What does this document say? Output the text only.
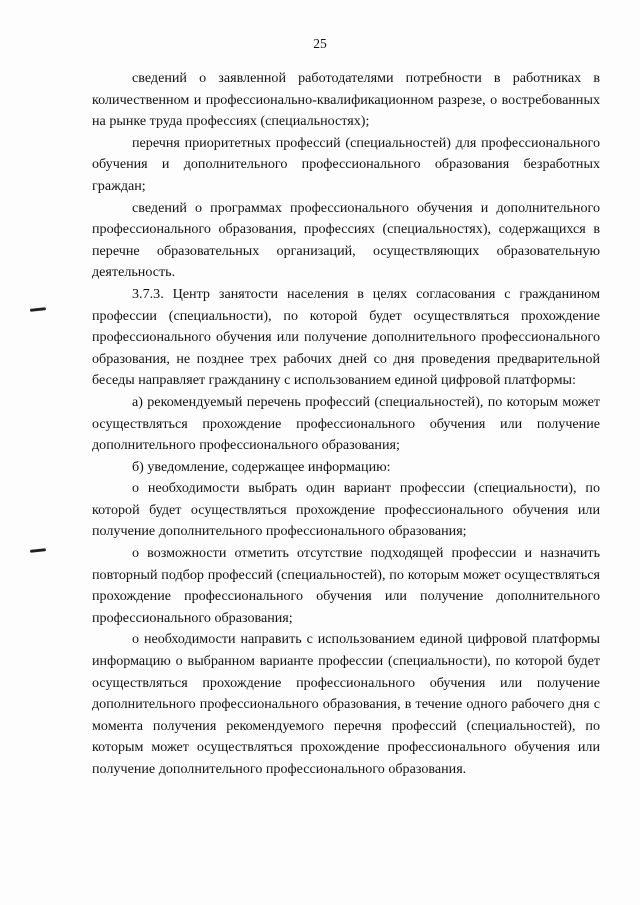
25

сведений о заявленной работодателями потребности в работниках в количественном и профессионально-квалификационном разрезе, о востребованных на рынке труда профессиях (специальностях);

перечня приоритетных профессий (специальностей) для профессионального обучения и дополнительного профессионального образования безработных граждан;

сведений о программах профессионального обучения и дополнительного профессионального образования, профессиях (специальностях), содержащихся в перечне образовательных организаций, осуществляющих образовательную деятельность.

3.7.3. Центр занятости населения в целях согласования с гражданином профессии (специальности), по которой будет осуществляться прохождение профессионального обучения или получение дополнительного профессионального образования, не позднее трех рабочих дней со дня проведения предварительной беседы направляет гражданину с использованием единой цифровой платформы:

а) рекомендуемый перечень профессий (специальностей), по которым может осуществляться прохождение профессионального обучения или получение дополнительного профессионального образования;

б) уведомление, содержащее информацию:

о необходимости выбрать один вариант профессии (специальности), по которой будет осуществляться прохождение профессионального обучения или получение дополнительного профессионального образования;

о возможности отметить отсутствие подходящей профессии и назначить повторный подбор профессий (специальностей), по которым может осуществляться прохождение профессионального обучения или получение дополнительного профессионального образования;

о необходимости направить с использованием единой цифровой платформы информацию о выбранном варианте профессии (специальности), по которой будет осуществляться прохождение профессионального обучения или получение дополнительного профессионального образования, в течение одного рабочего дня с момента получения рекомендуемого перечня профессий (специальностей), по которым может осуществляться прохождение профессионального обучения или получение дополнительного профессионального образования.
